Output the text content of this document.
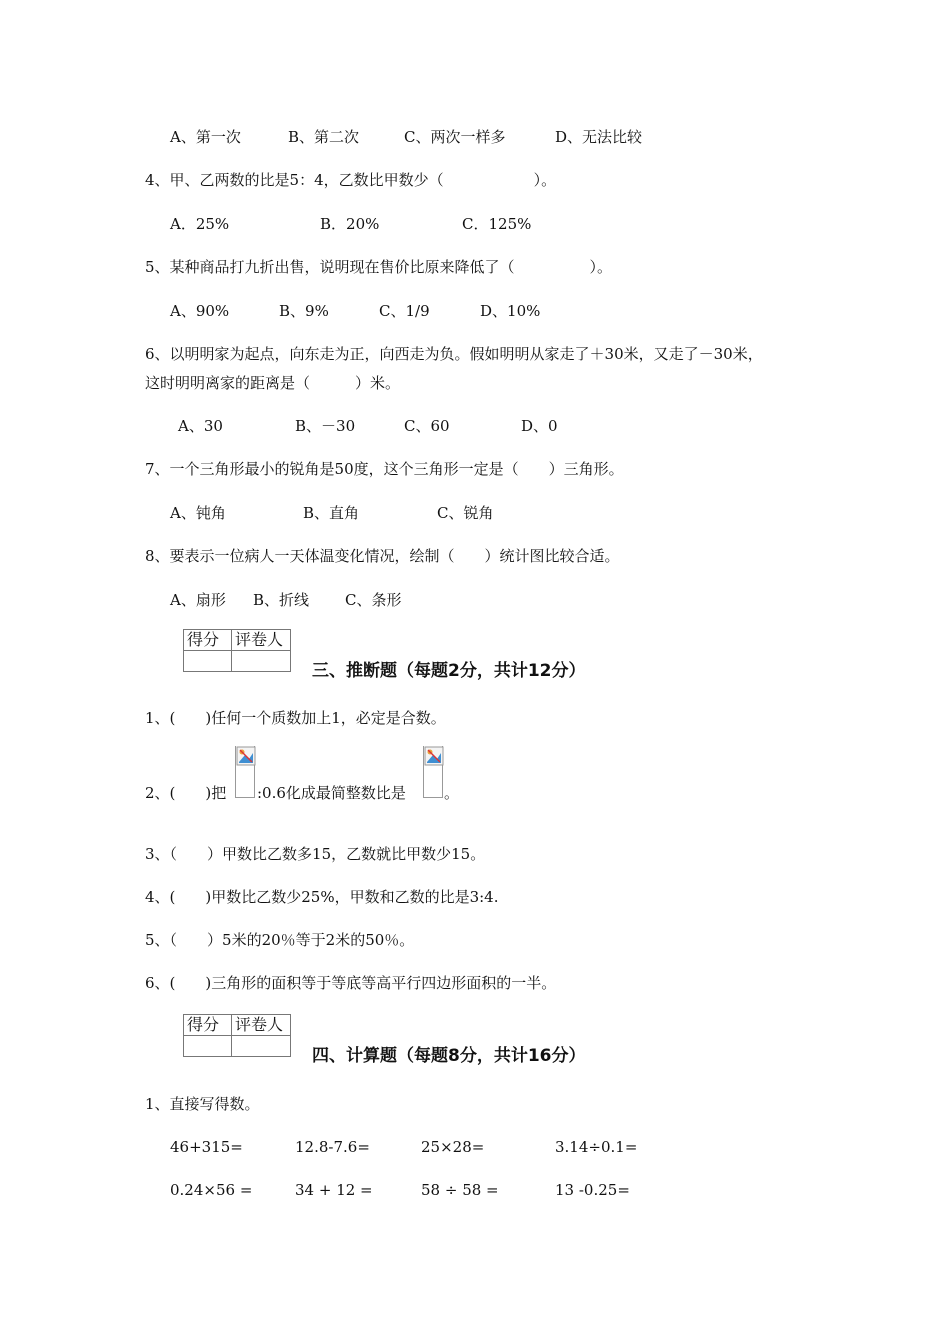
A、第一次	B、第二次	C、两次一样多	D、无法比较
4、甲、乙两数的比是5：4，乙数比甲数少（　　　　　　）。
A．25%	B．20%	C．125%
5、某种商品打九折出售，说明现在售价比原来降低了（　　　　　）。
A、90%	B、9%	C、1/9	D、10%
6、以明明家为起点，向东走为正，向西走为负。假如明明从家走了＋30米，又走了－30米，
这时明明离家的距离是（　　　）米。
A、30	B、－30	C、60	D、0
7、一个三角形最小的锐角是50度，这个三角形一定是（　　）三角形。
A、钝角	B、直角	C、锐角
8、要表示一位病人一天体温变化情况，绘制（　　）统计图比较合适。
A、扇形 B、折线 C、条形
得分	评卷人

三、推断题（每题2分，共计12分）
1、(　　)任何一个质数加上1，必定是合数。
2、(　　)把 :0.6化成最简整数比是	。
3、（　　）甲数比乙数多15，乙数就比甲数少15。
4、(　　)甲数比乙数少25%，甲数和乙数的比是3:4.
5、（　　）5米的20％等于2米的50％。
6、(　　)三角形的面积等于等底等高平行四边形面积的一半。
得分	评卷人

四、计算题（每题8分，共计16分）
1、直接写得数。
46+315=	12.8-7.6=	25×28=	3.14÷0.1=
0.24×56 =	34 + 12 =	58 ÷ 58 =	13 -0.25=
